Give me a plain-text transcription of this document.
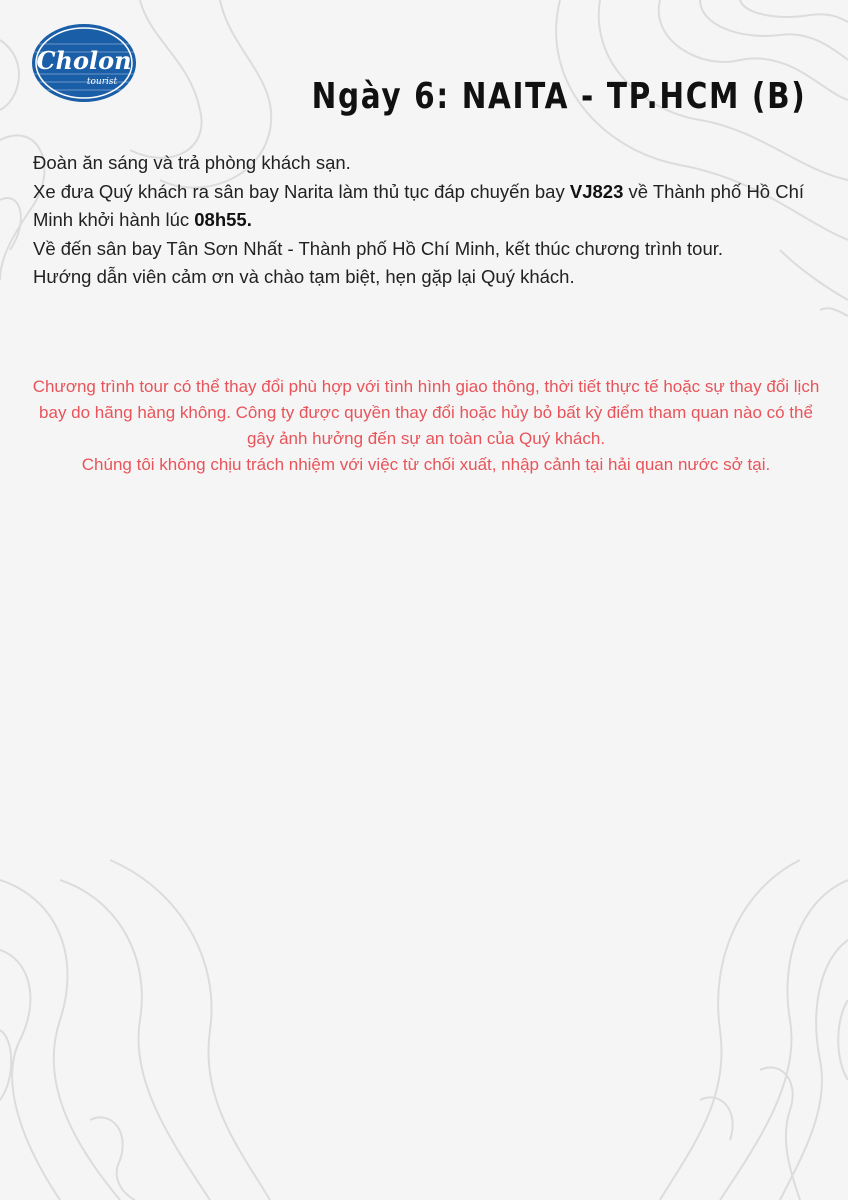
Cholon
tourist	Ngày 6: NAITA - TP.HCM (B)

Đoàn ăn sáng và trả phòng khách sạn.

Xe đưa Quý khách ra sân bay Narita làm thủ tục đáp chuyến bay VJ823 về Thành phố Hồ Chí Minh khởi hành lúc 08h55.

Về đến sân bay Tân Sơn Nhất - Thành phố Hồ Chí Minh, kết thúc chương trình tour.

Hướng dẫn viên cảm ơn và chào tạm biệt, hẹn gặp lại Quý khách.

Chương trình tour có thể thay đổi phù hợp với tình hình giao thông, thời tiết thực tế hoặc sự thay đổi lịch bay do hãng hàng không. Công ty được quyền thay đổi hoặc hủy bỏ bất kỳ điểm tham quan nào có thể gây ảnh hưởng đến sự an toàn của Quý khách.

Chúng tôi không chịu trách nhiệm với việc từ chối xuất, nhập cảnh tại hải quan nước sở tại.
